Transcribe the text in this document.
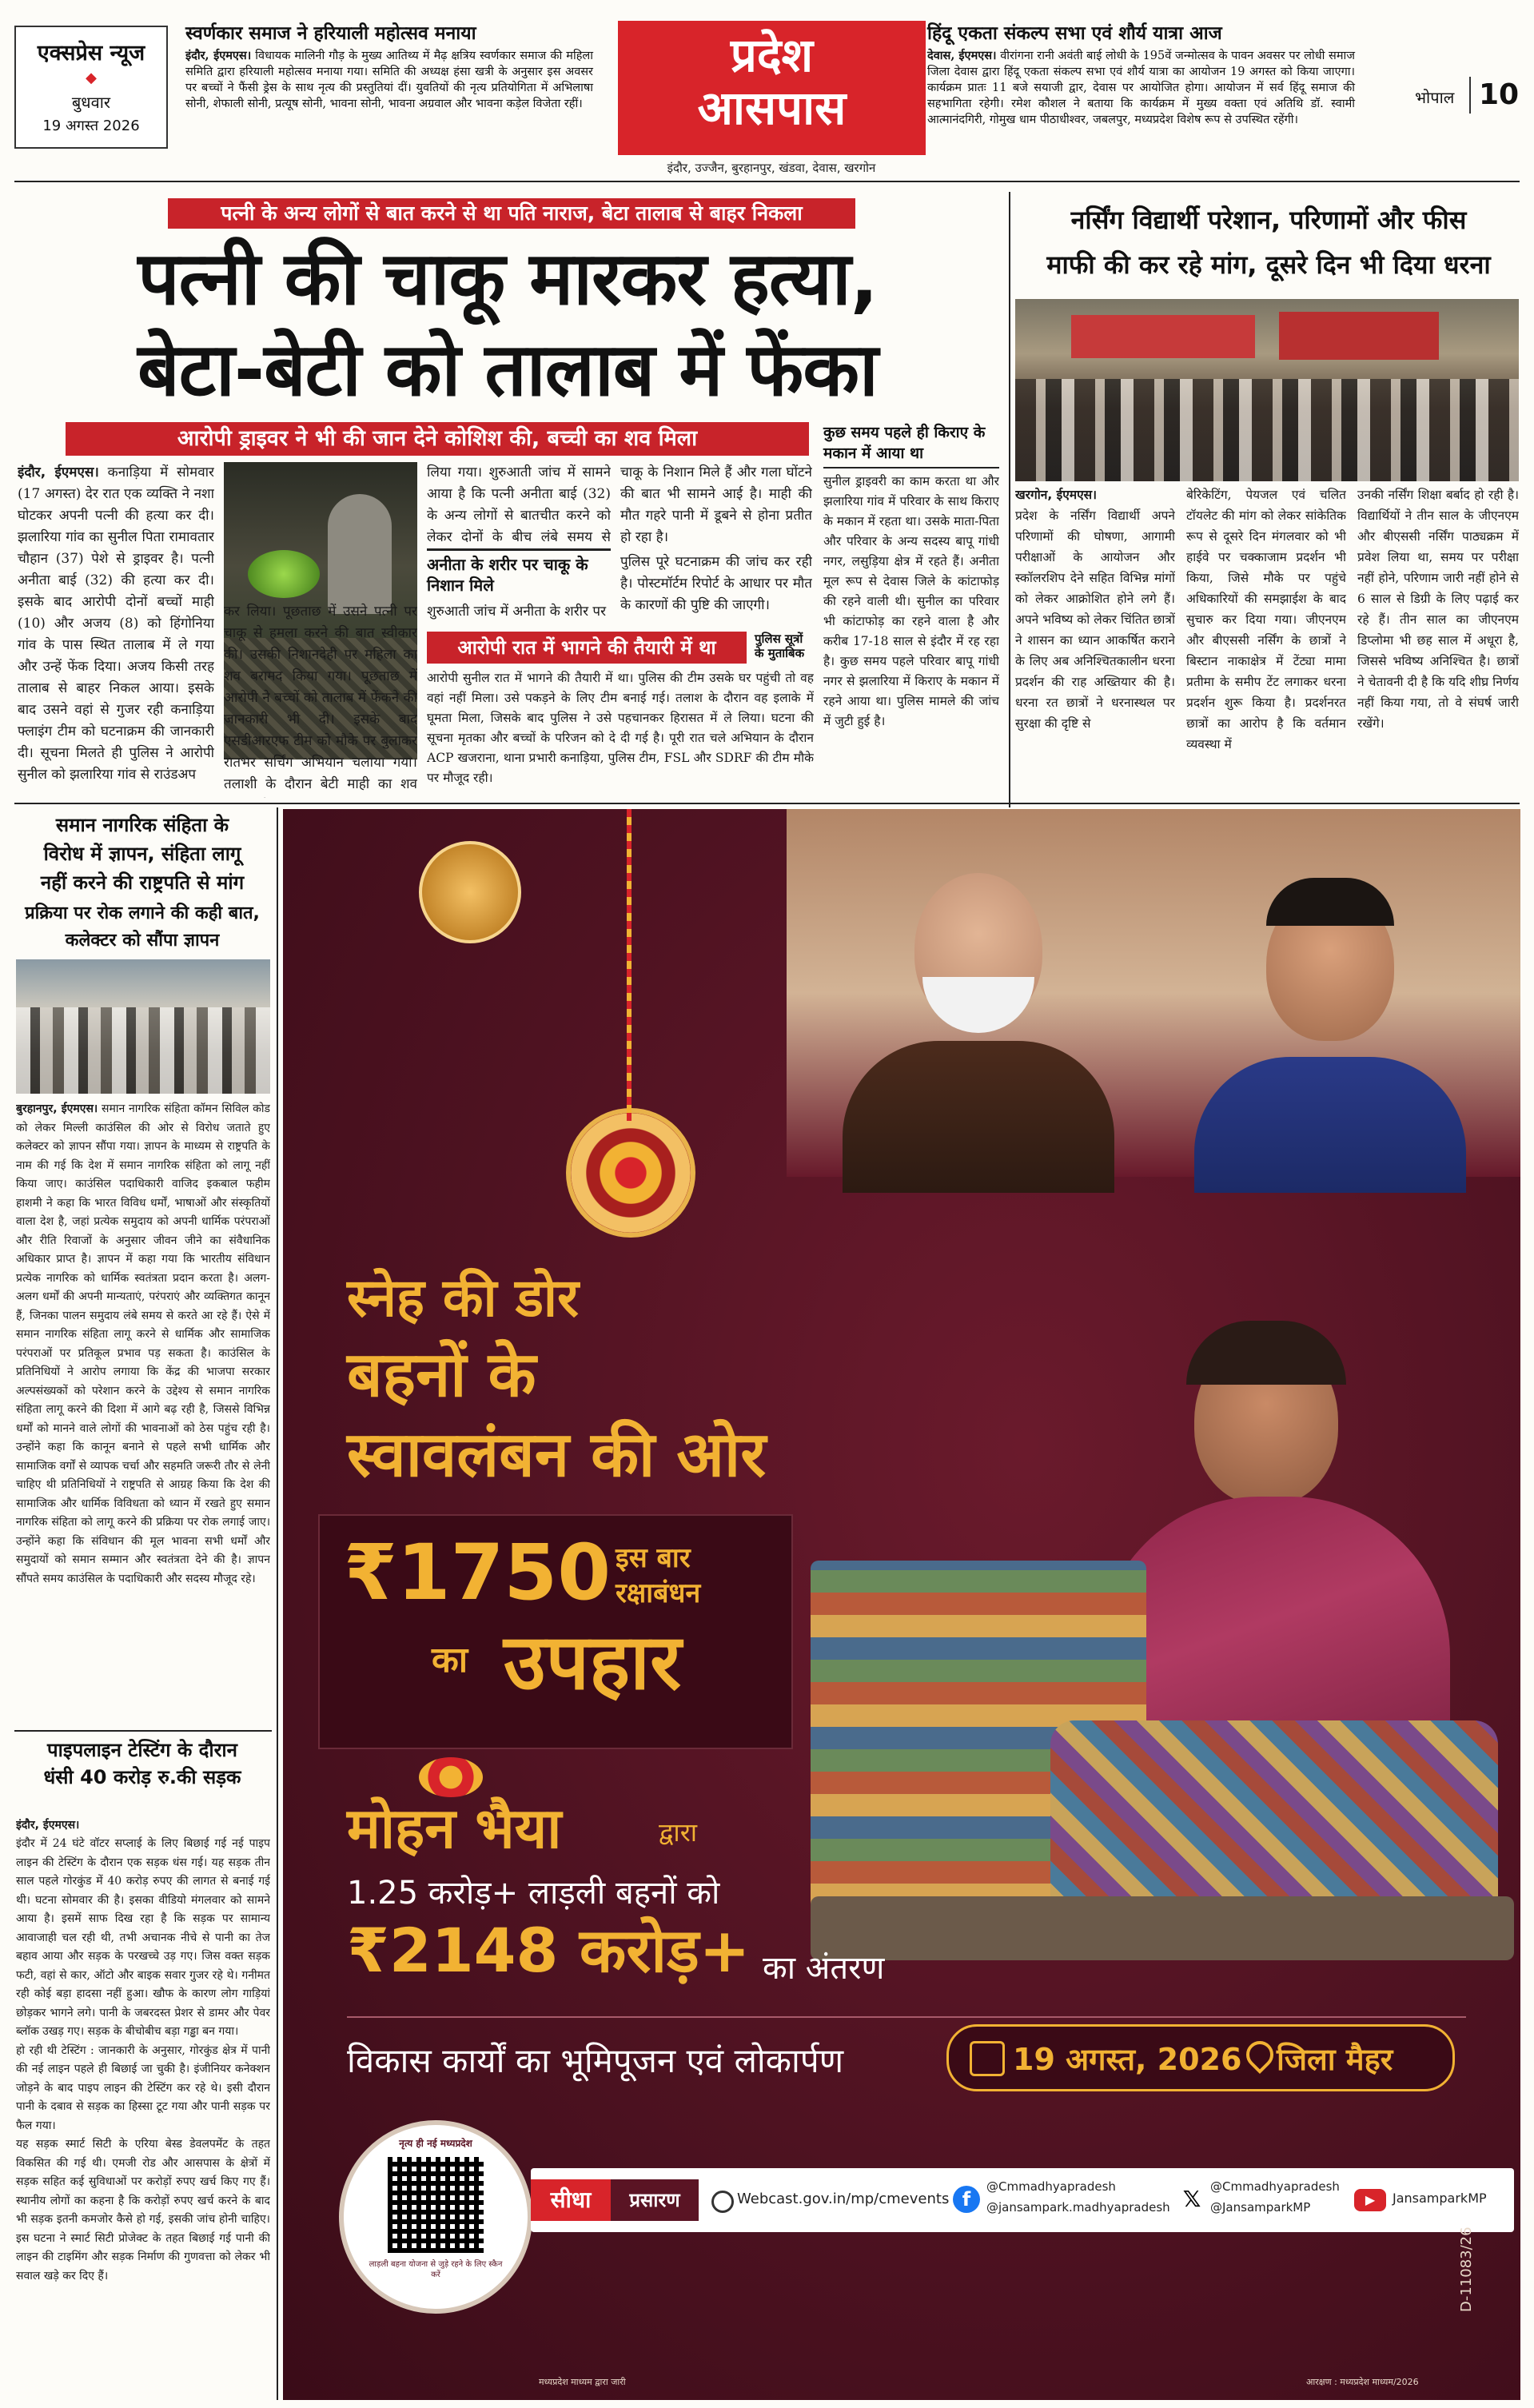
एक्सप्रेस न्यूज
◆
बुधवार
19 अगस्त 2026
स्वर्णकार समाज ने हरियाली महोत्सव मनाया
इंदौर, ईएमएस। विधायक मालिनी गौड़ के मुख्य आतिथ्य में मैढ़ क्षत्रिय स्वर्णकार समाज की महिला समिति द्वारा हरियाली महोत्सव मनाया गया। समिति की अध्यक्ष हंसा खत्री के अनुसार इस अवसर पर बच्चों ने फैंसी ड्रेस के साथ नृत्य की प्रस्तुतियां दीं। युवतियों की नृत्य प्रतियोगिता में अभिलाषा सोनी, शेफाली सोनी, प्रत्यूष सोनी, भावना सोनी, भावना अग्रवाल और भावना कड़ेल विजेता रहीं।
प्रदेश
आसपास
इंदौर, उज्जैन, बुरहानपुर, खंडवा, देवास, खरगोन
हिंदू एकता संकल्प सभा एवं शौर्य यात्रा आज
देवास, ईएमएस। वीरांगना रानी अवंती बाई लोधी के 195वें जन्मोत्सव के पावन अवसर पर लोधी समाज जिला देवास द्वारा हिंदू एकता संकल्प सभा एवं शौर्य यात्रा का आयोजन 19 अगस्त को किया जाएगा। कार्यक्रम प्रातः 11 बजे सयाजी द्वार, देवास पर आयोजित होगा। आयोजन में सर्व हिंदू समाज की सहभागिता रहेगी। रमेश कौशल ने बताया कि कार्यक्रम में मुख्य वक्ता एवं अतिथि डॉ. स्वामी आत्मानंदगिरी, गोमुख धाम पीठाधीश्वर, जबलपुर, मध्यप्रदेश विशेष रूप से उपस्थित रहेंगी।
भोपाल 10
पत्नी के अन्य लोगों से बात करने से था पति नाराज, बेटा तालाब से बाहर निकला
पत्नी की चाकू मारकर हत्या,
बेटा-बेटी को तालाब में फेंका
आरोपी ड्राइवर ने भी की जान देने कोशिश की, बच्ची का शव मिला
इंदौर, ईएमएस। कनाड़िया में सोमवार (17 अगस्त) देर रात एक व्यक्ति ने नशा घोटकर अपनी पत्नी की हत्या कर दी। झलारिया गांव का सुनील पिता रामावतार चौहान (37) पेशे से ड्राइवर है। पत्नी अनीता बाई (32) की हत्या कर दी। इसके बाद आरोपी दोनों बच्चों माही (10) और अजय (8) को हिंगोनिया गांव के पास स्थित तालाब में ले गया और उन्हें फेंक दिया। अजय किसी तरह तालाब से बाहर निकल आया। इसके बाद उसने वहां से गुजर रही कनाड़िया फ्लाइंग टीम को घटनाक्रम की जानकारी दी। सूचना मिलते ही पुलिस ने आरोपी सुनील को झलारिया गांव से राउंडअप
कर लिया। पूछताछ में उसने पत्नी पर चाकू से हमला करने की बात स्वीकार की। उसकी निशानदेही पर महिला का शव बरामद किया गया। पूछताछ में आरोपी ने बच्चों को तालाब में फेंकने की जानकारी भी दी। इसके बाद एसडीआरएफ टीम को मौके पर बुलाकर रातभर सर्चिंग अभियान चलाया गया। तलाशी के दौरान बेटी माही का शव
लिया गया। शुरुआती जांच में सामने आया है कि पत्नी अनीता बाई (32) के अन्य लोगों से बातचीत करने को लेकर दोनों के बीच लंबे समय से
अनीता के शरीर पर चाकू के निशान मिले
शुरुआती जांच में अनीता के शरीर पर
चाकू के निशान मिले हैं और गला घोंटने की बात भी सामने आई है। माही की मौत गहरे पानी में डूबने से होना प्रतीत हो रहा है।
पुलिस पूरे घटनाक्रम की जांच कर रही है। पोस्टमॉर्टम रिपोर्ट के आधार पर मौत के कारणों की पुष्टि की जाएगी।
आरोपी रात में भागने की तैयारी में था	पुलिस सूत्रों के मुताबिक
आरोपी सुनील रात में भागने की तैयारी में था। पुलिस की टीम उसके घर पहुंची तो वह वहां नहीं मिला। उसे पकड़ने के लिए टीम बनाई गई। तलाश के दौरान वह इलाके में घूमता मिला, जिसके बाद पुलिस ने उसे पहचानकर हिरासत में ले लिया। घटना की सूचना मृतका और बच्चों के परिजन को दे दी गई है। पूरी रात चले अभियान के दौरान ACP खजराना, थाना प्रभारी कनाड़िया, पुलिस टीम, FSL और SDRF की टीम मौके पर मौजूद रही।
कुछ समय पहले ही किराए के मकान में आया था
सुनील ड्राइवरी का काम करता था और झलारिया गांव में परिवार के साथ किराए के मकान में रहता था। उसके माता-पिता और परिवार के अन्य सदस्य बापू गांधी नगर, लसुड़िया क्षेत्र में रहते हैं। अनीता मूल रूप से देवास जिले के कांटाफोड़ की रहने वाली थी। सुनील का परिवार भी कांटाफोड़ का रहने वाला है और करीब 17-18 साल से इंदौर में रह रहा है। कुछ समय पहले परिवार बापू गांधी नगर से झलारिया में किराए के मकान में रहने आया था। पुलिस मामले की जांच में जुटी हुई है।
नर्सिंग विद्यार्थी परेशान, परिणामों और फीस
माफी की कर रहे मांग, दूसरे दिन भी दिया धरना
खरगोन, ईएमएस।
प्रदेश के नर्सिंग विद्यार्थी अपने परिणामों की घोषणा, आगामी परीक्षाओं के आयोजन और स्कॉलरशिप देने सहित विभिन्न मांगों को लेकर आक्रोशित होने लगे हैं। अपने भविष्य को लेकर चिंतित छात्रों ने शासन का ध्यान आकर्षित कराने के लिए अब अनिश्चितकालीन धरना प्रदर्शन की राह अख्तियार की है। धरना रत छात्रों ने धरनास्थल पर सुरक्षा की दृष्टि से
बेरिकेटिंग, पेयजल एवं चलित टॉयलेट की मांग को लेकर सांकेतिक रूप से दूसरे दिन मंगलवार को भी हाईवे पर चक्काजाम प्रदर्शन भी किया, जिसे मौके पर पहुंचे अधिकारियों की समझाईश के बाद सुचारु कर दिया गया। जीएनएम और बीएससी नर्सिंग के छात्रों ने बिस्टान नाकाक्षेत्र में टेंट्या मामा प्रतीमा के समीप टेंट लगाकर धरना प्रदर्शन शुरू किया है। प्रदर्शनरत छात्रों का आरोप है कि वर्तमान व्यवस्था में
उनकी नर्सिंग शिक्षा बर्बाद हो रही है। विद्यार्थियों ने तीन साल के जीएनएम और बीएससी नर्सिंग पाठ्यक्रम में प्रवेश लिया था, समय पर परीक्षा नहीं होने, परिणाम जारी नहीं होने से 6 साल से डिग्री के लिए पढ़ाई कर रहे हैं। तीन साल का जीएनएम डिप्लोमा भी छह साल में अधूरा है, जिससे भविष्य अनिश्चित है। छात्रों ने चेतावनी दी है कि यदि शीघ्र निर्णय नहीं किया गया, तो वे संघर्ष जारी रखेंगे।
समान नागरिक संहिता के
विरोध में ज्ञापन, संहिता लागू
नहीं करने की राष्ट्रपति से मांग
प्रक्रिया पर रोक लगाने की कही बात,
कलेक्टर को सौंपा ज्ञापन
बुरहानपुर, ईएमएस। समान नागरिक संहिता कॉमन सिविल कोड को लेकर मिल्ली काउंसिल की ओर से विरोध जताते हुए कलेक्टर को ज्ञापन सौंपा गया। ज्ञापन के माध्यम से राष्ट्रपति के नाम की गई कि देश में समान नागरिक संहिता को लागू नहीं किया जाए। काउंसिल पदाधिकारी वाजिद इकबाल फहीम हाशमी ने कहा कि भारत विविध धर्मों, भाषाओं और संस्कृतियों वाला देश है, जहां प्रत्येक समुदाय को अपनी धार्मिक परंपराओं और रीति रिवाजों के अनुसार जीवन जीने का संवैधानिक अधिकार प्राप्त है। ज्ञापन में कहा गया कि भारतीय संविधान प्रत्येक नागरिक को धार्मिक स्वतंत्रता प्रदान करता है। अलग-अलग धर्मों की अपनी मान्यताएं, परंपराएं और व्यक्तिगत कानून हैं, जिनका पालन समुदाय लंबे समय से करते आ रहे हैं। ऐसे में समान नागरिक संहिता लागू करने से धार्मिक और सामाजिक परंपराओं पर प्रतिकूल प्रभाव पड़ सकता है। काउंसिल के प्रतिनिधियों ने आरोप लगाया कि केंद्र की भाजपा सरकार अल्पसंख्यकों को परेशान करने के उद्देश्य से समान नागरिक संहिता लागू करने की दिशा में आगे बढ़ रही है, जिससे विभिन्न धर्मों को मानने वाले लोगों की भावनाओं को ठेस पहुंच रही है। उन्होंने कहा कि कानून बनाने से पहले सभी धार्मिक और सामाजिक वर्गों से व्यापक चर्चा और सहमति जरूरी तौर से लेनी चाहिए थी प्रतिनिधियों ने राष्ट्रपति से आग्रह किया कि देश की सामाजिक और धार्मिक विविधता को ध्यान में रखते हुए समान नागरिक संहिता को लागू करने की प्रक्रिया पर रोक लगाई जाए। उन्होंने कहा कि संविधान की मूल भावना सभी धर्मों और समुदायों को समान सम्मान और स्वतंत्रता देने की है। ज्ञापन सौंपते समय काउंसिल के पदाधिकारी और सदस्य मौजूद रहे।
पाइपलाइन टेस्टिंग के दौरान
धंसी 40 करोड़ रु.की सड़क

इंदौर, ईएमएस।
इंदौर में 24 घंटे वॉटर सप्लाई के लिए बिछाई गई नई पाइप लाइन की टेस्टिंग के दौरान एक सड़क धंस गई। यह सड़क तीन साल पहले गोरकुंड में 40 करोड़ रुपए की लागत से बनाई गई थी। घटना सोमवार की है। इसका वीडियो मंगलवार को सामने आया है। इसमें साफ दिख रहा है कि सड़क पर सामान्य आवाजाही चल रही थी, तभी अचानक नीचे से पानी का तेज बहाव आया और सड़क के परखच्चे उड़ गए। जिस वक्त सड़क फटी, वहां से कार, ऑटो और बाइक सवार गुजर रहे थे। गनीमत रही कोई बड़ा हादसा नहीं हुआ। खौफ के कारण लोग गाड़ियां छोड़कर भागने लगे। पानी के जबरदस्त प्रेशर से डामर और पेवर ब्लॉक उखड़ गए। सड़क के बीचोबीच बड़ा गड्ढा बन गया।
हो रही थी टेस्टिंग : जानकारी के अनुसार, गोरकुंड क्षेत्र में पानी की नई लाइन पहले ही बिछाई जा चुकी है। इंजीनियर कनेक्शन जोड़ने के बाद पाइप लाइन की टेस्टिंग कर रहे थे। इसी दौरान पानी के दबाव से सड़क का हिस्सा टूट गया और पानी सड़क पर फैल गया।
यह सड़क स्मार्ट सिटी के एरिया बेस्ड डेवलपमेंट के तहत विकसित की गई थी। एमजी रोड और आसपास के क्षेत्रों में सड़क सहित कई सुविधाओं पर करोड़ों रुपए खर्च किए गए हैं। स्थानीय लोगों का कहना है कि करोड़ों रुपए खर्च करने के बाद भी सड़क इतनी कमजोर कैसे हो गई, इसकी जांच होनी चाहिए। इस घटना ने स्मार्ट सिटी प्रोजेक्ट के तहत बिछाई गई पानी की लाइन की टाइमिंग और सड़क निर्माण की गुणवत्ता को लेकर भी सवाल खड़े कर दिए हैं।

स्नेह की डोर
बहनों के
स्वावलंबन की ओर
₹1750 इस बार
रक्षाबंधन
का उपहार
मोहन भैया	द्वारा
1.25 करोड़+ लाड़ली बहनों को
₹2148 करोड़+ का अंतरण
विकास कार्यों का भूमिपूजन एवं लोकार्पण	19 अगस्त, 2026 जिला मैहर
नृत्य ही नई मध्यप्रदेश
लाड़ली बहना योजना से जुड़े रहने के लिए स्कैन करें
सीधा	प्रसारण	Webcast.gov.in/mp/cmevents f
@Cmmadhyapradesh
@jansampark.madhyapradesh 𝕏 @Cmmadhyapradesh
@JansamparkMP	▶	JansamparkMP
मध्यप्रदेश माध्यम द्वारा जारी	आरक्षण : मध्यप्रदेश माध्यम/2026
D-11083/26
